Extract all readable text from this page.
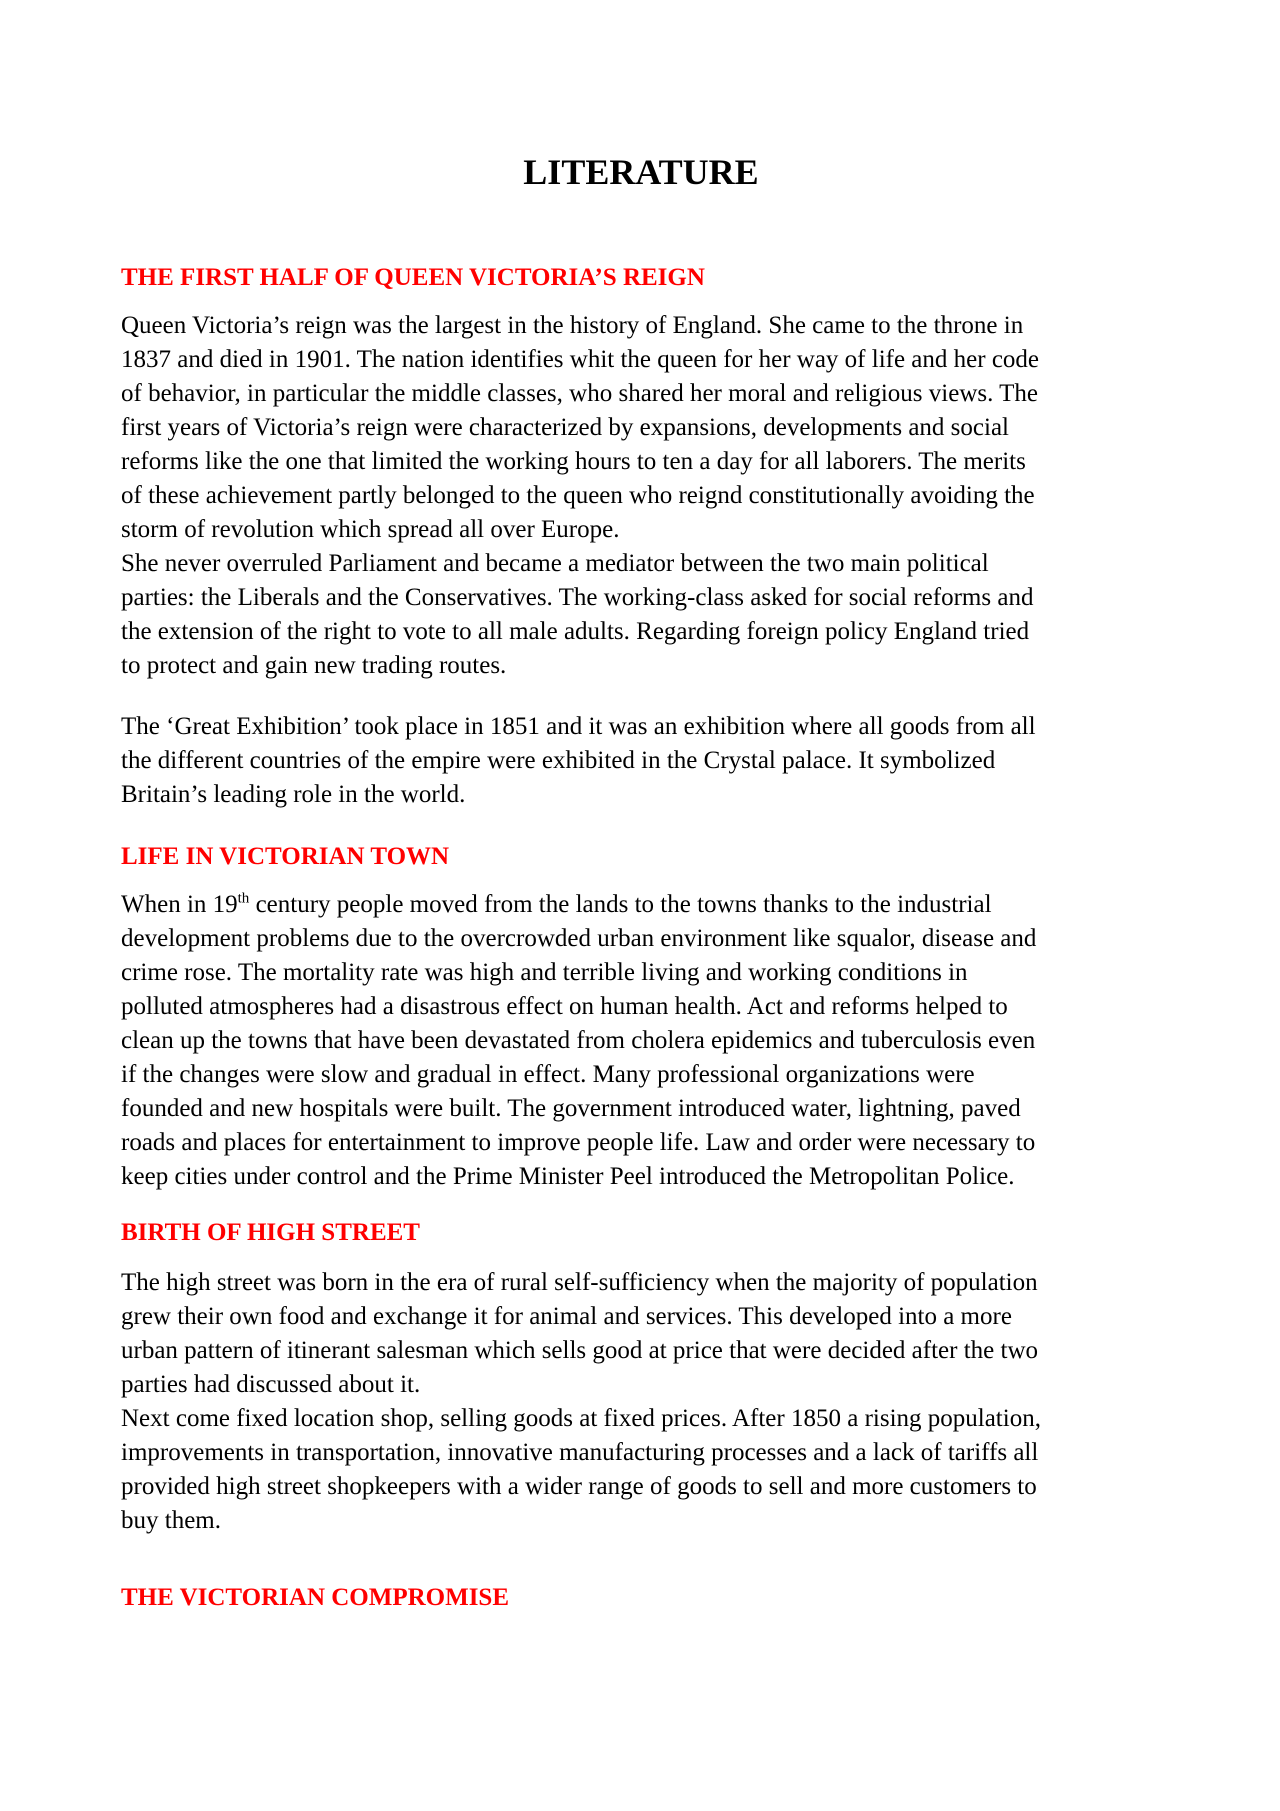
LITERATURE
THE FIRST HALF OF QUEEN VICTORIA’S REIGN

Queen Victoria’s reign was the largest in the history of England. She came to the throne in
1837 and died in 1901. The nation identifies whit the queen for her way of life and her code
of behavior, in particular the middle classes, who shared her moral and religious views. The
first years of Victoria’s reign were characterized by expansions, developments and social
reforms like the one that limited the working hours to ten a day for all laborers. The merits
of these achievement partly belonged to the queen who reignd constitutionally avoiding the
storm of revolution which spread all over Europe.
She never overruled Parliament and became a mediator between the two main political
parties: the Liberals and the Conservatives. The working-class asked for social reforms and
the extension of the right to vote to all male adults. Regarding foreign policy England tried
to protect and gain new trading routes.

The ‘Great Exhibition’ took place in 1851 and it was an exhibition where all goods from all
the different countries of the empire were exhibited in the Crystal palace. It symbolized
Britain’s leading role in the world.

LIFE IN VICTORIAN TOWN

When in 19th century people moved from the lands to the towns thanks to the industrial
development problems due to the overcrowded urban environment like squalor, disease and
crime rose. The mortality rate was high and terrible living and working conditions in
polluted atmospheres had a disastrous effect on human health. Act and reforms helped to
clean up the towns that have been devastated from cholera epidemics and tuberculosis even
if the changes were slow and gradual in effect. Many professional organizations were
founded and new hospitals were built. The government introduced water, lightning, paved
roads and places for entertainment to improve people life. Law and order were necessary to
keep cities under control and the Prime Minister Peel introduced the Metropolitan Police.

BIRTH OF HIGH STREET

The high street was born in the era of rural self-sufficiency when the majority of population
grew their own food and exchange it for animal and services. This developed into a more
urban pattern of itinerant salesman which sells good at price that were decided after the two
parties had discussed about it.
Next come fixed location shop, selling goods at fixed prices. After 1850 a rising population,
improvements in transportation, innovative manufacturing processes and a lack of tariffs all
provided high street shopkeepers with a wider range of goods to sell and more customers to
buy them.

THE VICTORIAN COMPROMISE
